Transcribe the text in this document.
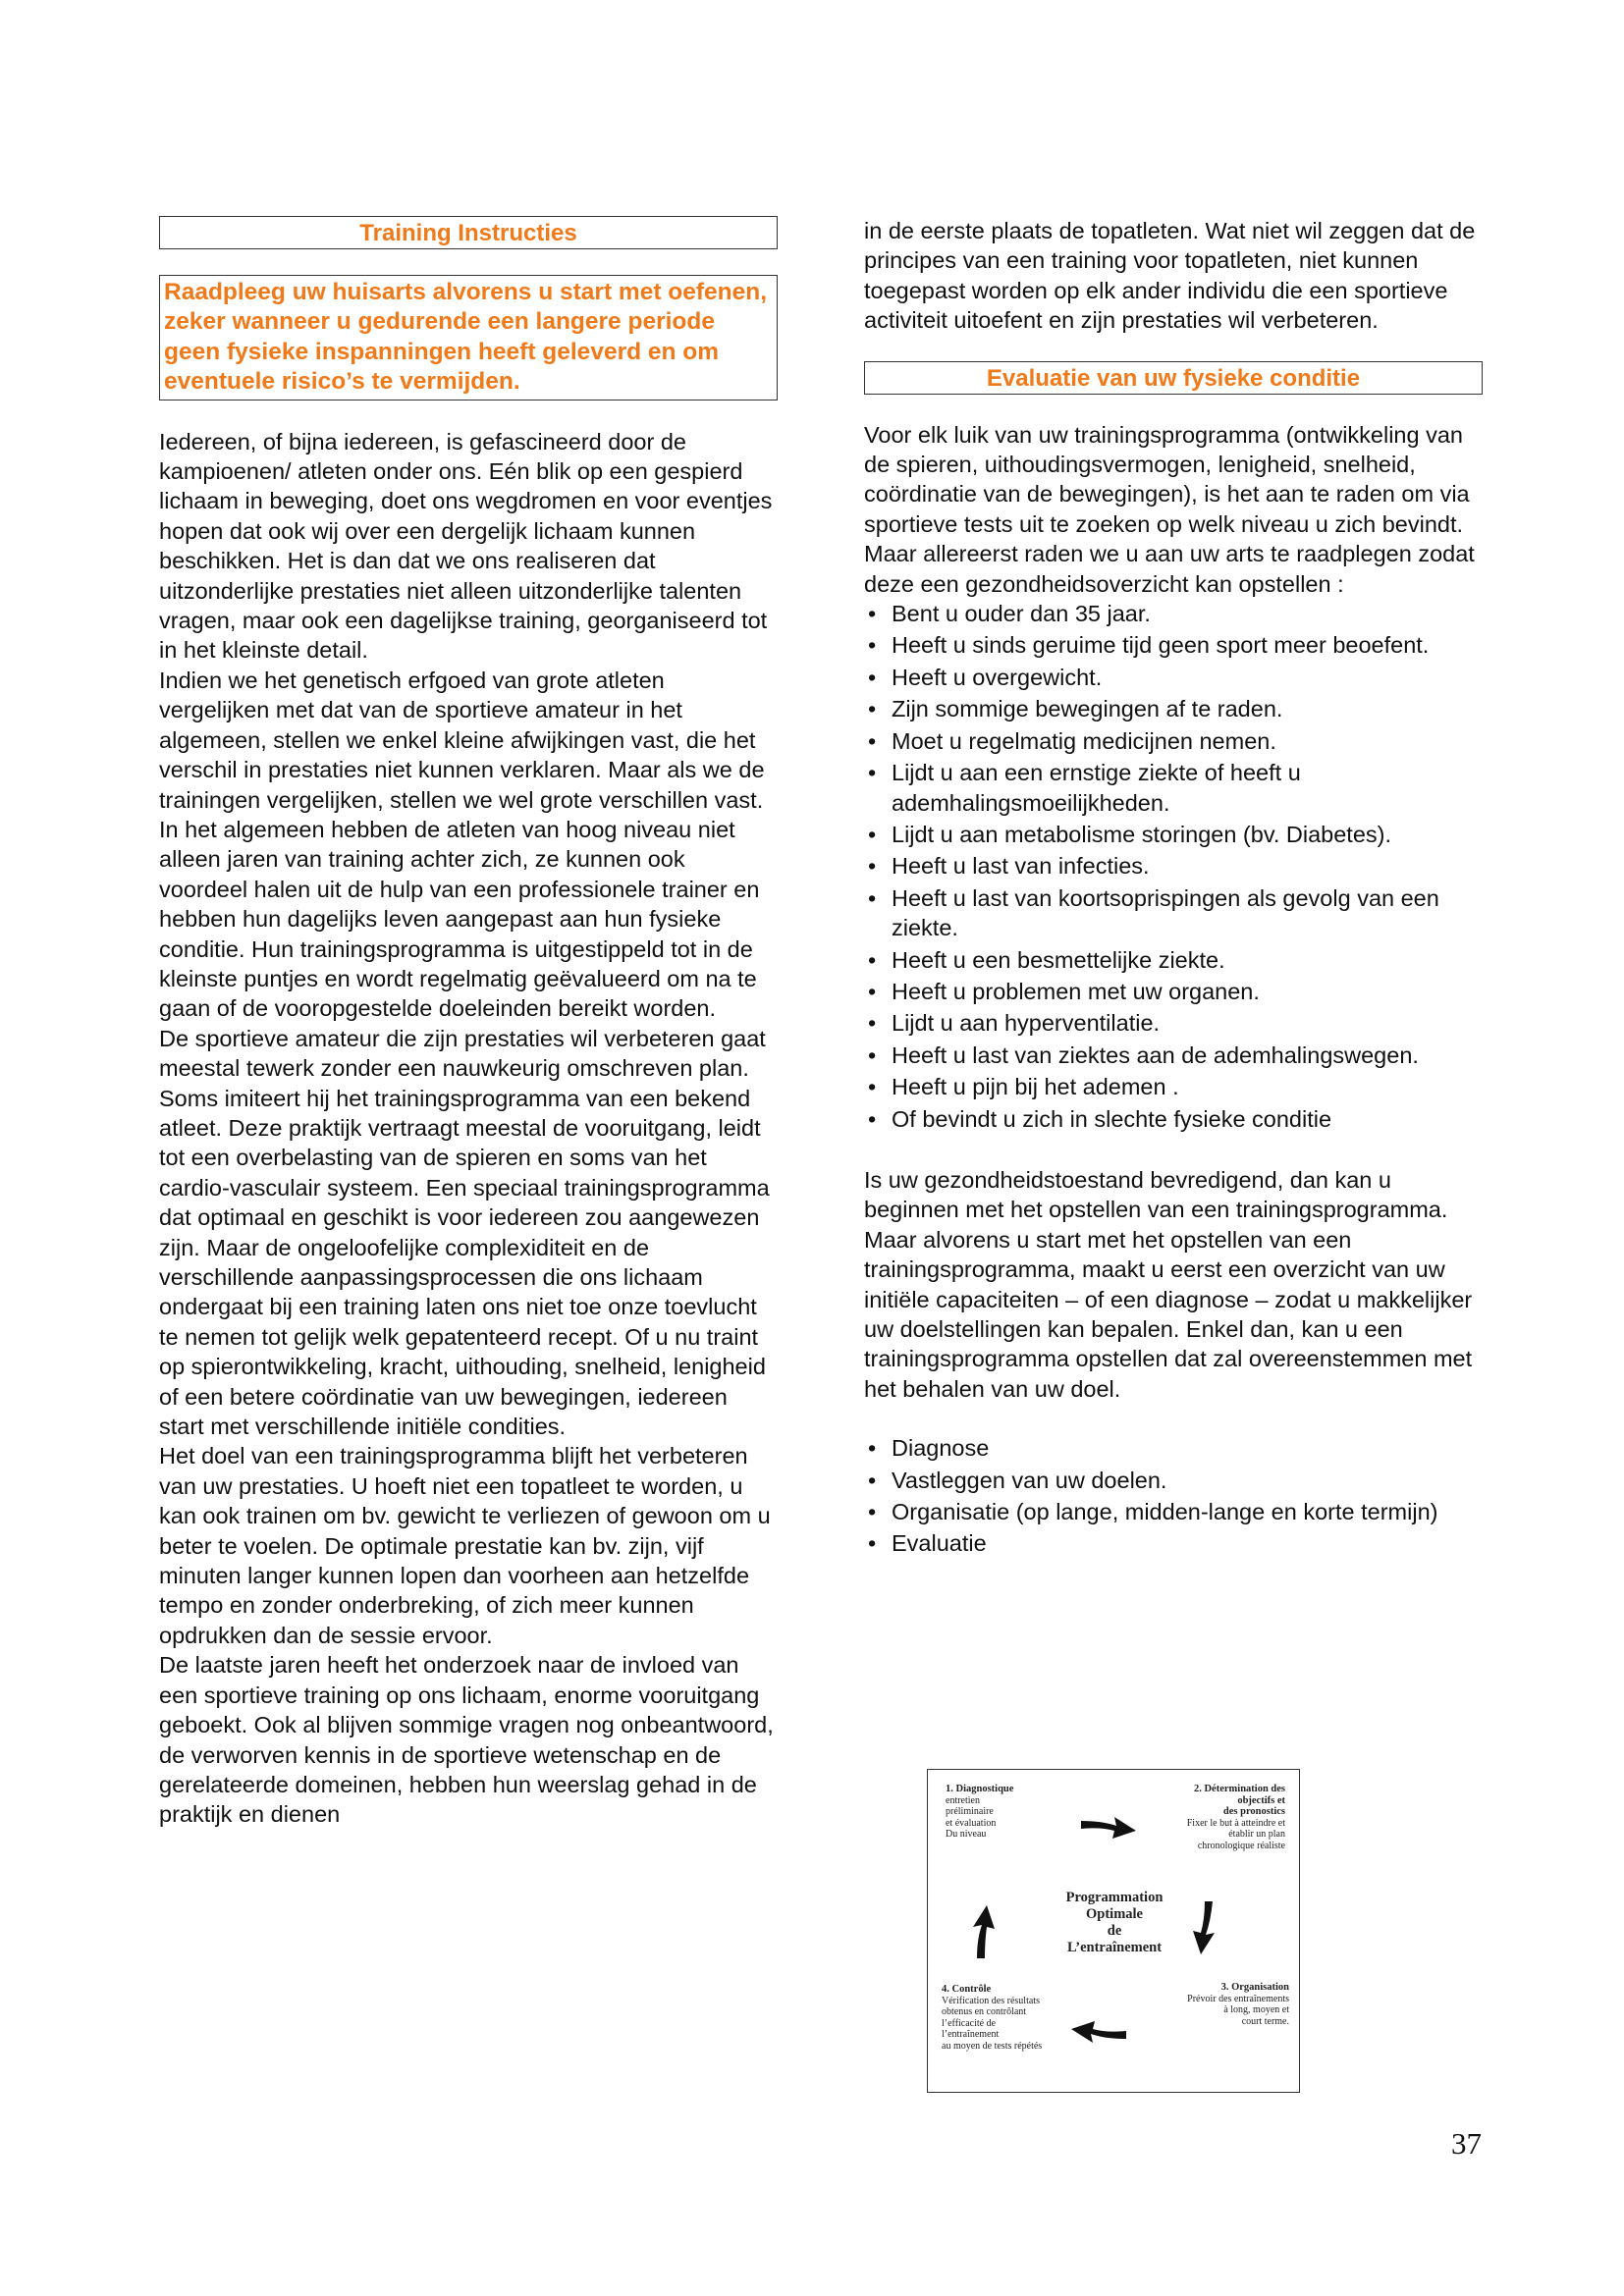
Training Instructies
Raadpleeg uw huisarts alvorens u start met oefenen, zeker wanneer u gedurende een langere periode geen fysieke inspanningen heeft geleverd en om eventuele risico’s te vermijden.

Iedereen, of bijna iedereen, is gefascineerd door de kampioenen/ atleten onder ons. Eén blik op een gespierd lichaam in beweging, doet ons wegdromen en voor eventjes hopen dat ook wij over een dergelijk lichaam kunnen beschikken. Het is dan dat we ons realiseren dat uitzonderlijke prestaties niet alleen uitzonderlijke talenten vragen, maar ook een dagelijkse training, georganiseerd tot in het kleinste detail.

Indien we het genetisch erfgoed van grote atleten vergelijken met dat van de sportieve amateur in het algemeen, stellen we enkel kleine afwijkingen vast, die het verschil in prestaties niet kunnen verklaren. Maar als we de trainingen vergelijken, stellen we wel grote verschillen vast. In het algemeen hebben de atleten van hoog niveau niet alleen jaren van training achter zich, ze kunnen ook voordeel halen uit de hulp van een professionele trainer en hebben hun dagelijks leven aangepast aan hun fysieke conditie. Hun trainingsprogramma is uitgestippeld tot in de kleinste puntjes en wordt regelmatig geëvalueerd om na te gaan of de vooropgestelde doeleinden bereikt worden.

De sportieve amateur die zijn prestaties wil verbeteren gaat meestal tewerk zonder een nauwkeurig omschreven plan. Soms imiteert hij het trainingsprogramma van een bekend atleet. Deze praktijk vertraagt meestal de vooruitgang, leidt tot een overbelasting van de spieren en soms van het cardio-vasculair systeem. Een speciaal trainingsprogramma dat optimaal en geschikt is voor iedereen zou aangewezen zijn. Maar de ongeloofelijke complexiditeit en de verschillende aanpassingsprocessen die ons lichaam ondergaat bij een training laten ons niet toe onze toevlucht te nemen tot gelijk welk gepatenteerd recept. Of u nu traint op spierontwikkeling, kracht, uithouding, snelheid, lenigheid of een betere coördinatie van uw bewegingen, iedereen start met verschillende initiële condities.

Het doel van een trainingsprogramma blijft het verbeteren van uw prestaties. U hoeft niet een topatleet te worden, u kan ook trainen om bv. gewicht te verliezen of gewoon om u beter te voelen. De optimale prestatie kan bv. zijn, vijf minuten langer kunnen lopen dan voorheen aan hetzelfde tempo en zonder onderbreking, of zich meer kunnen opdrukken dan de sessie ervoor.

De laatste jaren heeft het onderzoek naar de invloed van een sportieve training op ons lichaam, enorme vooruitgang geboekt. Ook al blijven sommige vragen nog onbeantwoord, de verworven kennis in de sportieve wetenschap en de gerelateerde domeinen, hebben hun weerslag gehad in de praktijk en dienen

in de eerste plaats de topatleten. Wat niet wil zeggen dat de principes van een training voor topatleten, niet kunnen toegepast worden op elk ander individu die een sportieve activiteit uitoefent en zijn prestaties wil verbeteren.

Evaluatie van uw fysieke conditie

Voor elk luik van uw trainingsprogramma (ontwikkeling van de spieren, uithoudingsvermogen, lenigheid, snelheid, coördinatie van de bewegingen), is het aan te raden om via sportieve tests uit te zoeken op welk niveau u zich bevindt. Maar allereerst raden we u aan uw arts te raadplegen zodat deze een gezondheidsoverzicht kan opstellen :

• Bent u ouder dan 35 jaar.
• Heeft u sinds geruime tijd geen sport meer beoefent.
• Heeft u overgewicht.
• Zijn sommige bewegingen af te raden.
• Moet u regelmatig medicijnen nemen.
• Lijdt u aan een ernstige ziekte of heeft u ademhalingsmoeilijkheden.
• Lijdt u aan metabolisme storingen (bv. Diabetes).
• Heeft u last van infecties.
• Heeft u last van koortsoprispingen als gevolg van een ziekte.
• Heeft u een besmettelijke ziekte.
• Heeft u problemen met uw organen.
• Lijdt u aan hyperventilatie.
• Heeft u last van ziektes aan de ademhalingswegen.
• Heeft u pijn bij het ademen .
• Of bevindt u zich in slechte fysieke conditie

Is uw gezondheidstoestand bevredigend, dan kan u beginnen met het opstellen van een trainingsprogramma. Maar alvorens u start met het opstellen van een trainingsprogramma, maakt u eerst een overzicht van uw initiële capaciteiten – of een diagnose – zodat u makkelijker uw doelstellingen kan bepalen. Enkel dan, kan u een trainingsprogramma opstellen dat zal overeenstemmen met het behalen van uw doel.

• Diagnose
• Vastleggen van uw doelen.
• Organisatie (op lange, midden-lange en korte termijn)
• Evaluatie
1. Diagnostique
entretien
préliminaire
et évaluation
Du niveau
2. Détermination des
objectifs et
des pronostics
Fixer le but à atteindre et
établir un plan
chronologique réaliste
3. Organisation
Prévoir des entraînements
à long, moyen et
court terme.
4. Contrôle
Vérification des résultats
obtenus en contrôlant
l’efficacité de
l’entraînement
au moyen de tests répétés
Programmation
Optimale
de
L’entraînement
37
